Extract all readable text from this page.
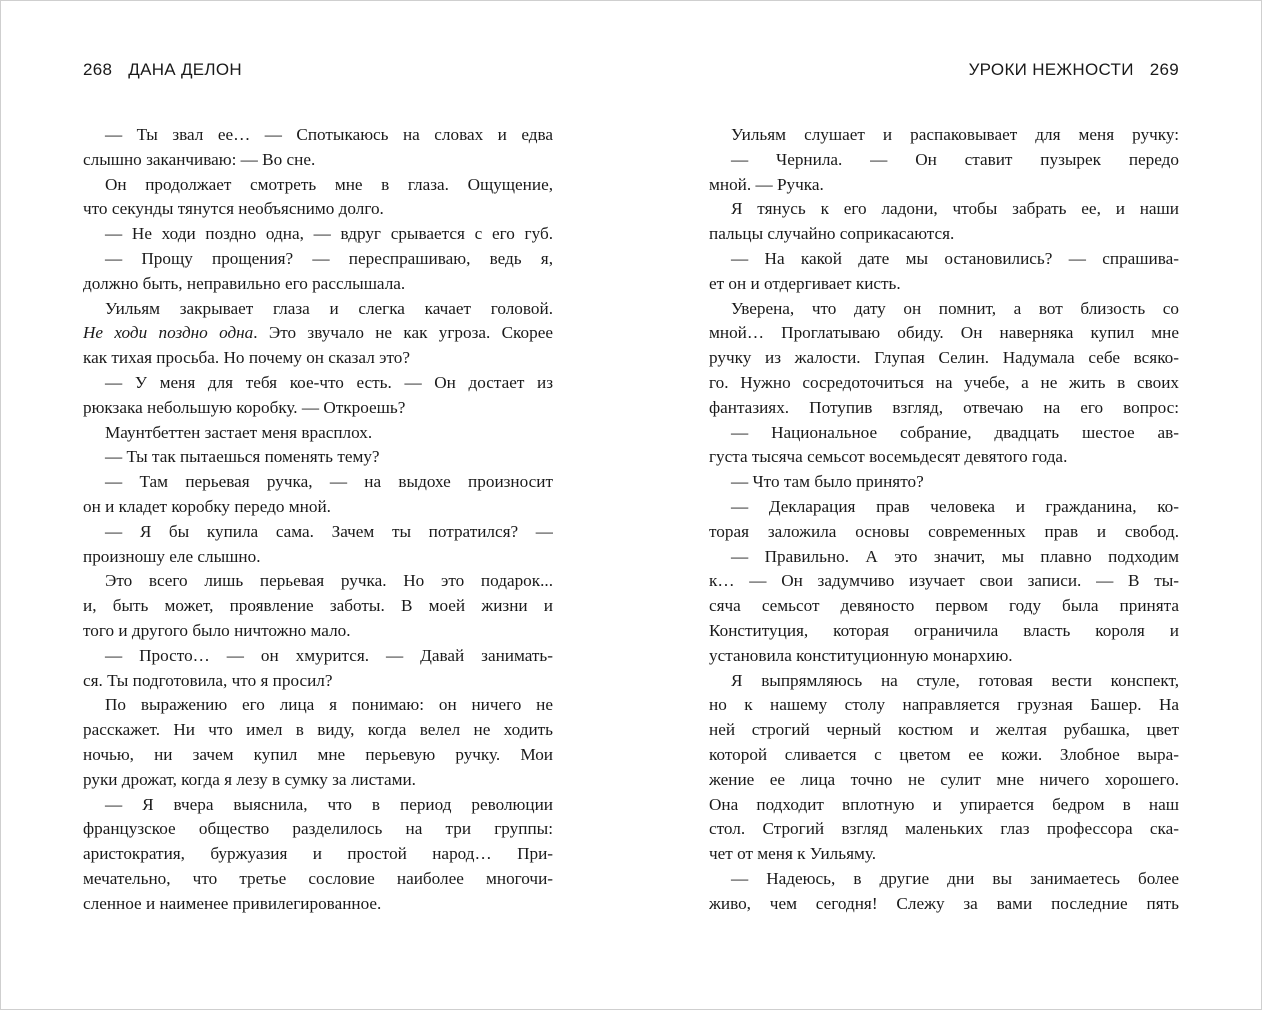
268 ДАНА ДЕЛОН	УРОКИ НЕЖНОСТИ 269
— Ты звал ее… — Спотыкаюсь на словах и едва
слышно заканчиваю: — Во сне.
Он продолжает смотреть мне в глаза. Ощущение,
что секунды тянутся необъяснимо долго.
— Не ходи поздно одна, — вдруг срывается с его губ.
— Прощу прощения? — переспрашиваю, ведь я,
должно быть, неправильно его расслышала.
Уильям закрывает глаза и слегка качает головой.
Не ходи поздно одна. Это звучало не как угроза. Скорее
как тихая просьба. Но почему он сказал это?
— У меня для тебя кое-что есть. — Он достает из
рюкзака небольшую коробку. — Откроешь?
Маунтбеттен застает меня врасплох.
— Ты так пытаешься поменять тему?
— Там перьевая ручка, — на выдохе произносит
он и кладет коробку передо мной.
— Я бы купила сама. Зачем ты потратился? —
произношу еле слышно.
Это всего лишь перьевая ручка. Но это подарок...
и, быть может, проявление заботы. В моей жизни и
того и другого было ничтожно мало.
— Просто… — он хмурится. — Давай занимать-
ся. Ты подготовила, что я просил?
По выражению его лица я понимаю: он ничего не
расскажет. Ни что имел в виду, когда велел не ходить
ночью, ни зачем купил мне перьевую ручку. Мои
руки дрожат, когда я лезу в сумку за листами.
— Я вчера выяснила, что в период революции
французское общество разделилось на три группы:
аристократия, буржуазия и простой народ… При-
мечательно, что третье сословие наиболее многочи-
сленное и наименее привилегированное.
Уильям слушает и распаковывает для меня ручку:
— Чернила. — Он ставит пузырек передо
мной. — Ручка.
Я тянусь к его ладони, чтобы забрать ее, и наши
пальцы случайно соприкасаются.
— На какой дате мы остановились? — спрашива-
ет он и отдергивает кисть.
Уверена, что дату он помнит, а вот близость со
мной… Проглатываю обиду. Он наверняка купил мне
ручку из жалости. Глупая Селин. Надумала себе всяко-
го. Нужно сосредоточиться на учебе, а не жить в своих
фантазиях. Потупив взгляд, отвечаю на его вопрос:
— Национальное собрание, двадцать шестое ав-
густа тысяча семьсот восемьдесят девятого года.
— Что там было принято?
— Декларация прав человека и гражданина, ко-
торая заложила основы современных прав и свобод.
— Правильно. А это значит, мы плавно подходим
к… — Он задумчиво изучает свои записи. — В ты-
сяча семьсот девяносто первом году была принята
Конституция, которая ограничила власть короля и
установила конституционную монархию.
Я выпрямляюсь на стуле, готовая вести конспект,
но к нашему столу направляется грузная Башер. На
ней строгий черный костюм и желтая рубашка, цвет
которой сливается с цветом ее кожи. Злобное выра-
жение ее лица точно не сулит мне ничего хорошего.
Она подходит вплотную и упирается бедром в наш
стол. Строгий взгляд маленьких глаз профессора ска-
чет от меня к Уильяму.
— Надеюсь, в другие дни вы занимаетесь более
живо, чем сегодня! Слежу за вами последние пять
